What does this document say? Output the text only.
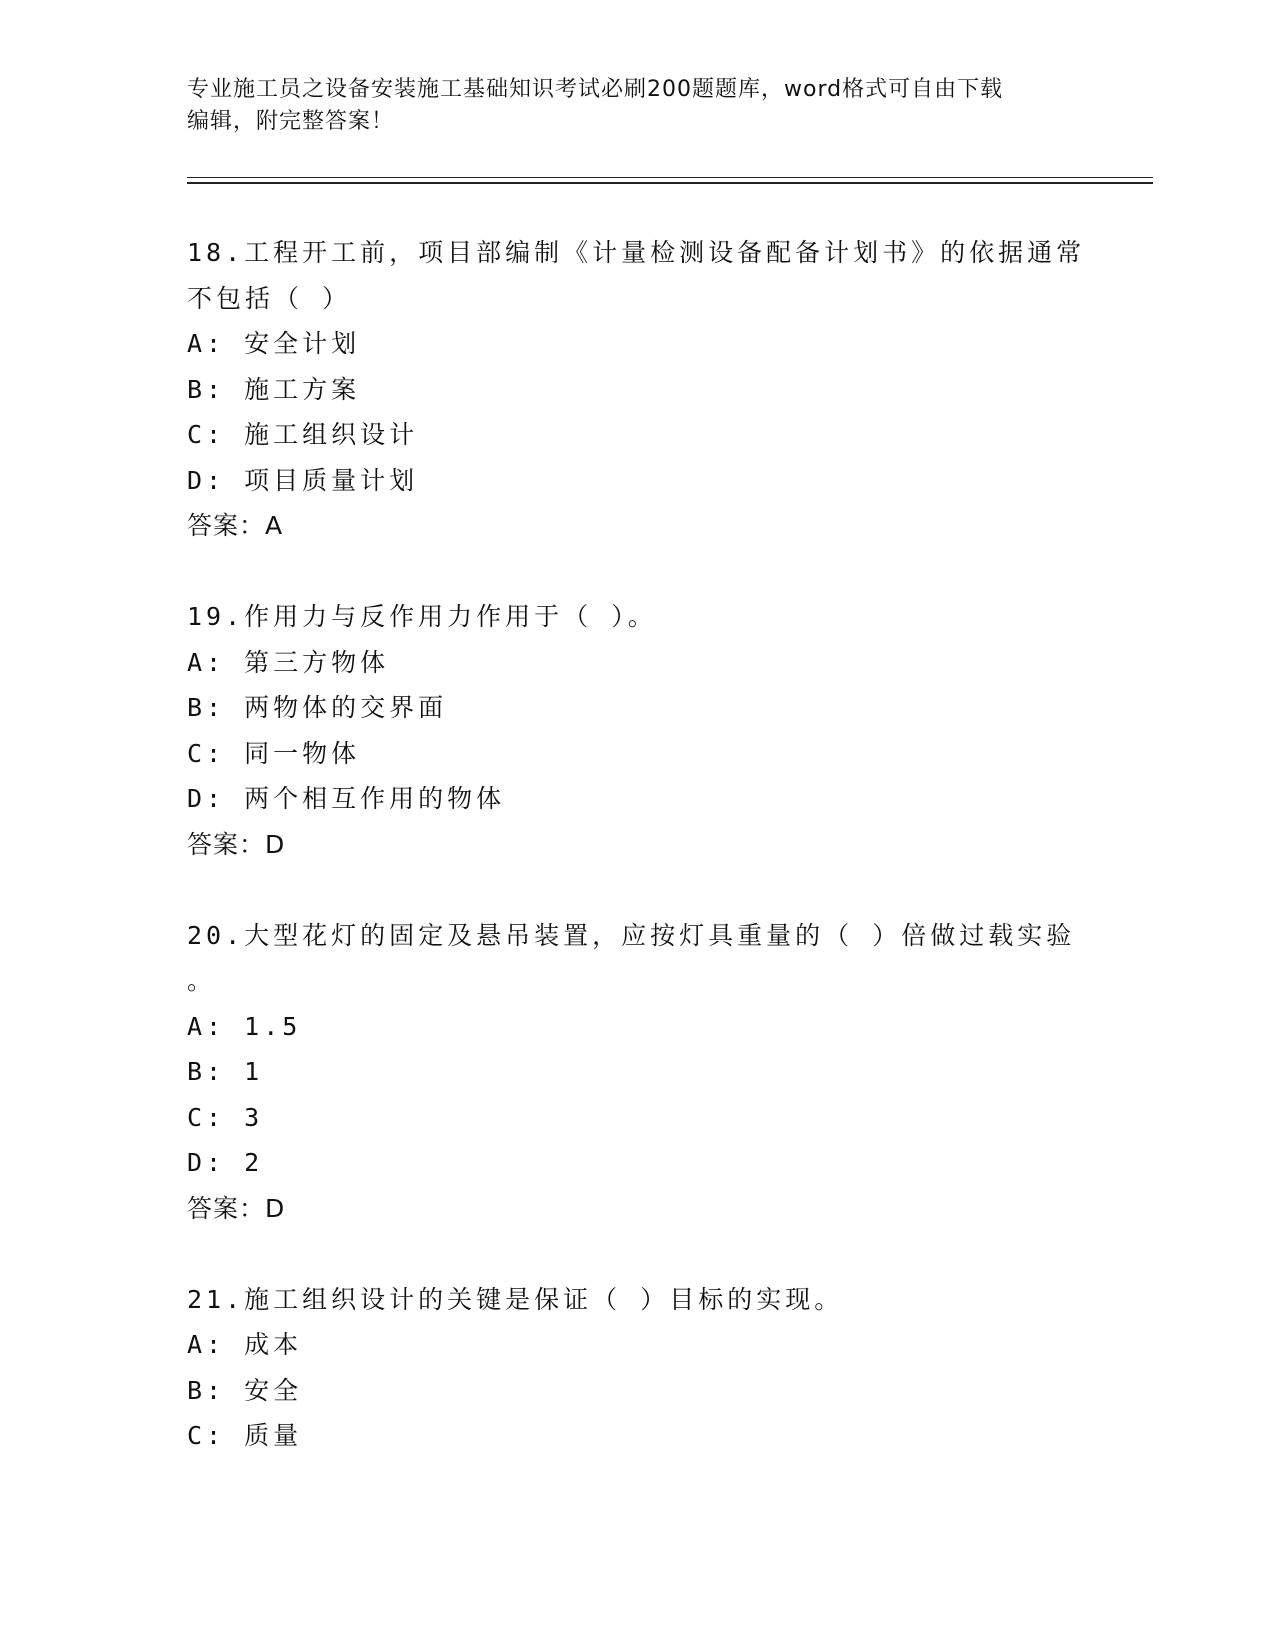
专业施工员之设备安装施工基础知识考试必刷200题题库，word格式可自由下载
编辑，附完整答案！
18.工程开工前，项目部编制《计量检测设备配备计划书》的依据通常
不包括（ ）
A: 安全计划
B: 施工方案
C: 施工组织设计
D: 项目质量计划
答案：A
19.作用力与反作用力作用于（ ）。
A: 第三方物体
B: 两物体的交界面
C: 同一物体
D: 两个相互作用的物体
答案：D
20.大型花灯的固定及悬吊装置，应按灯具重量的（ ）倍做过载实验
。
A: 1.5
B: 1
C: 3
D: 2
答案：D
21.施工组织设计的关键是保证（ ）目标的实现。
A: 成本
B: 安全
C: 质量
